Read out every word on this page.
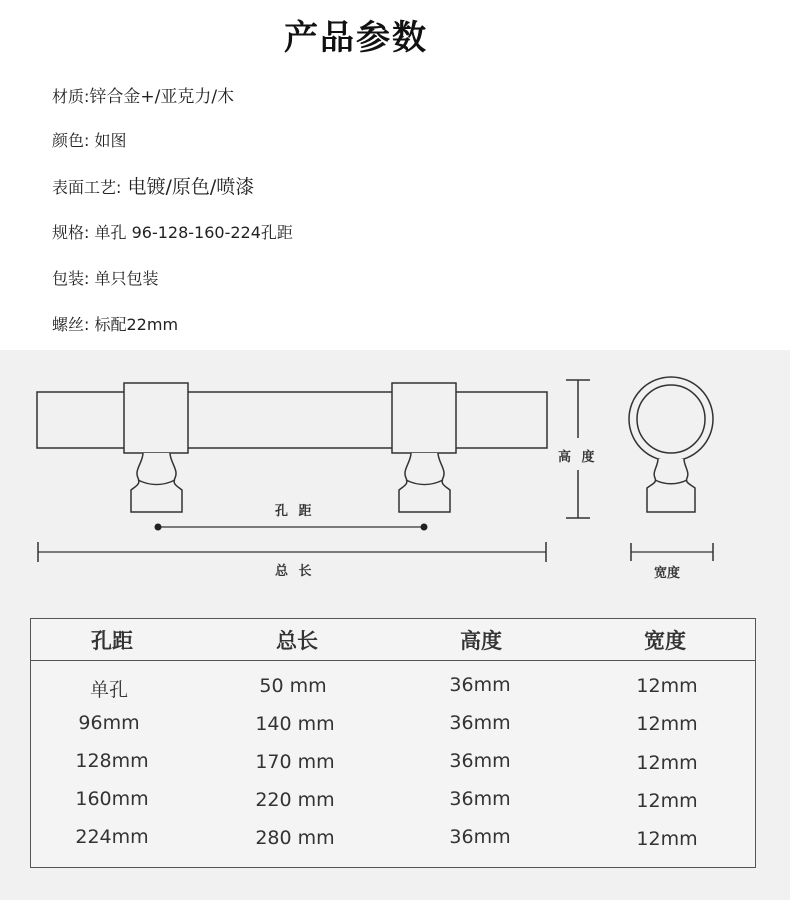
产品参数
材质:锌合金+/亚克力/木
颜色: 如图
表面工艺: 电镀/原色/喷漆
规格: 单孔 96-128-160-224孔距
包装: 单只包装
螺丝: 标配22mm
孔 距
总 长
高 度
宽度
孔距	总长	高度	宽度
单孔	50 mm	36mm	12mm
96mm	140 mm	36mm	12mm
128mm	170 mm	36mm	12mm
160mm	220 mm	36mm	12mm
224mm	280 mm	36mm	12mm
